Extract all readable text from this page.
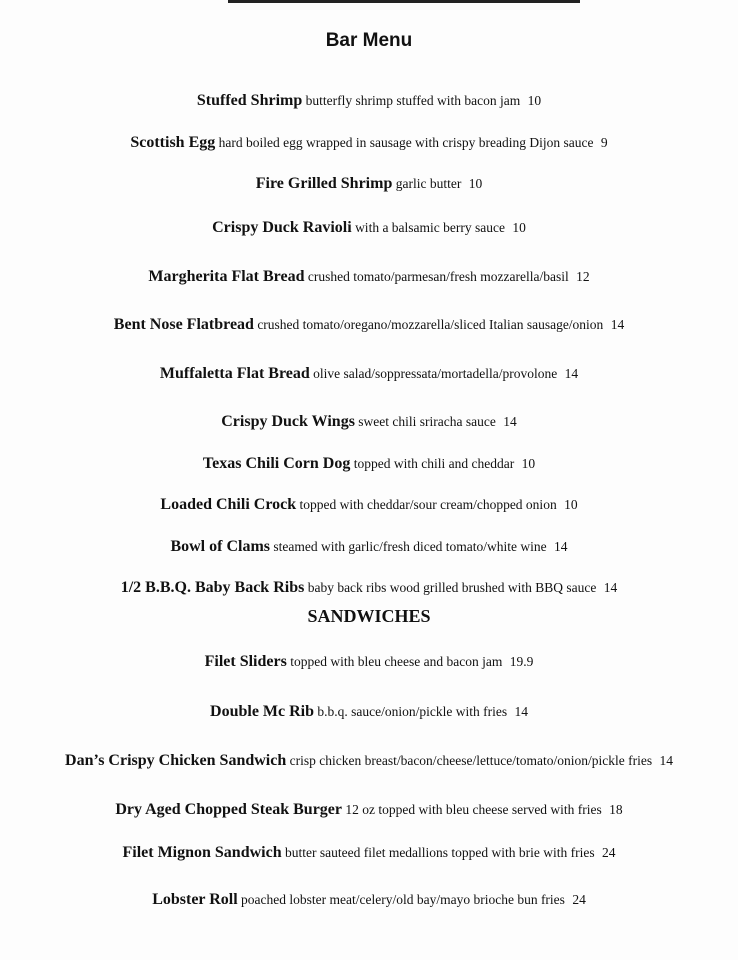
Bar Menu
Stuffed Shrimp butterfly shrimp stuffed with bacon jam 10
Scottish Egg hard boiled egg wrapped in sausage with crispy breading Dijon sauce 9
Fire Grilled Shrimp garlic butter 10
Crispy Duck Ravioli with a balsamic berry sauce 10
Margherita Flat Bread crushed tomato/parmesan/fresh mozzarella/basil 12
Bent Nose Flatbread crushed tomato/oregano/mozzarella/sliced Italian sausage/onion 14
Muffaletta Flat Bread olive salad/soppressata/mortadella/provolone 14
Crispy Duck Wings sweet chili sriracha sauce 14
Texas Chili Corn Dog topped with chili and cheddar 10
Loaded Chili Crock topped with cheddar/sour cream/chopped onion 10
Bowl of Clams steamed with garlic/fresh diced tomato/white wine 14
1/2 B.B.Q. Baby Back Ribs baby back ribs wood grilled brushed with BBQ sauce 14
SANDWICHES
Filet Sliders topped with bleu cheese and bacon jam 19.9
Double Mc Rib b.b.q. sauce/onion/pickle with fries 14
Dan’s Crispy Chicken Sandwich crisp chicken breast/bacon/cheese/lettuce/tomato/onion/pickle fries 14
Dry Aged Chopped Steak Burger 12 oz topped with bleu cheese served with fries 18
Filet Mignon Sandwich butter sauteed filet medallions topped with brie with fries 24
Lobster Roll poached lobster meat/celery/old bay/mayo brioche bun fries 24
